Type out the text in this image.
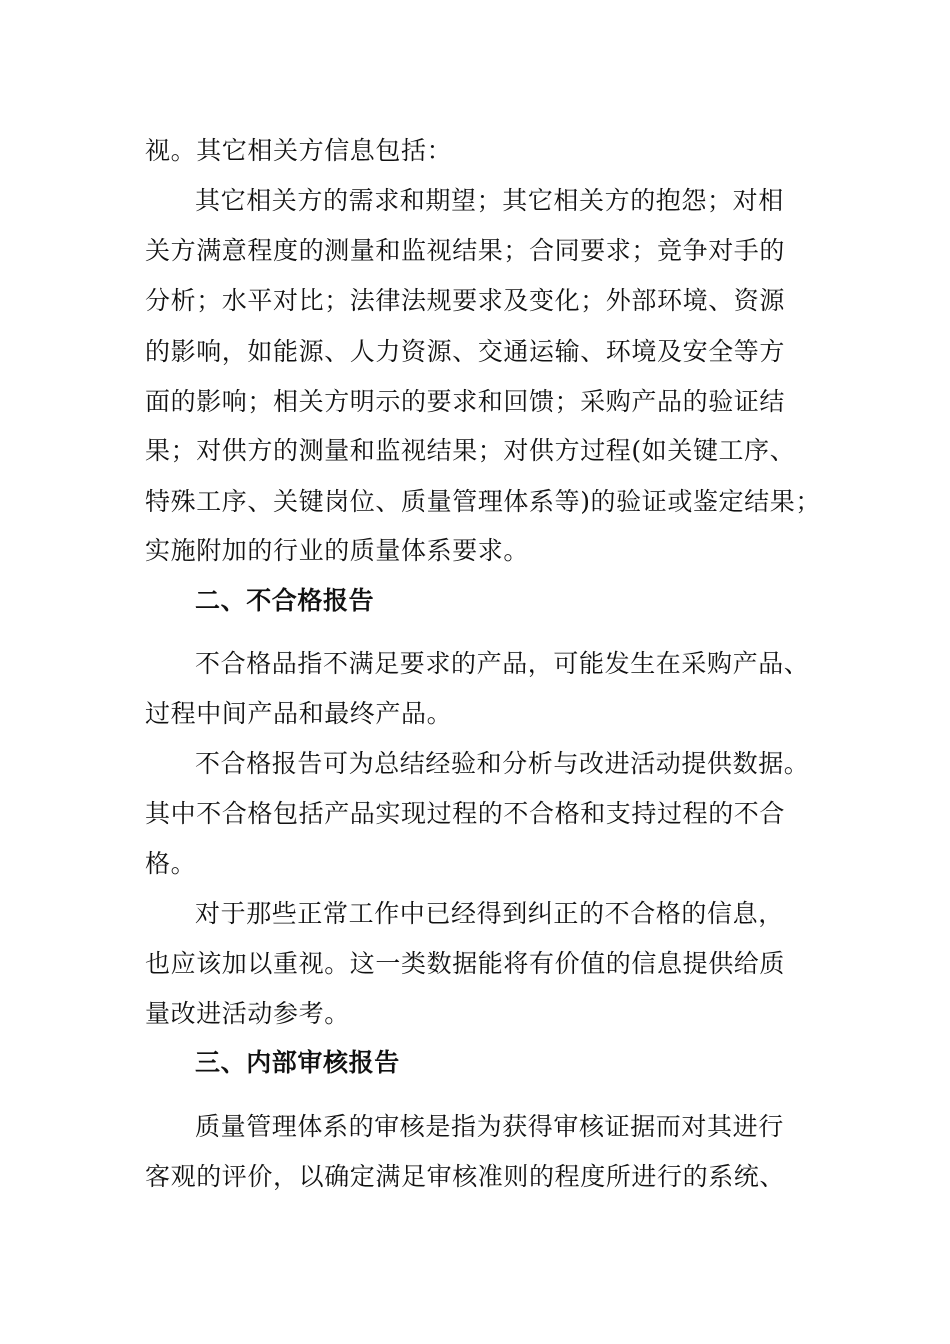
视。其它相关方信息包括：

其它相关方的需求和期望；其它相关方的抱怨；对相

关方满意程度的测量和监视结果；合同要求；竞争对手的

分析；水平对比；法律法规要求及变化；外部环境、资源

的影响，如能源、人力资源、交通运输、环境及安全等方

面的影响；相关方明示的要求和回馈；采购产品的验证结

果；对供方的测量和监视结果；对供方过程(如关键工序、

特殊工序、关键岗位、质量管理体系等)的验证或鉴定结果；

实施附加的行业的质量体系要求。

二、不合格报告

不合格品指不满足要求的产品，可能发生在采购产品、

过程中间产品和最终产品。

不合格报告可为总结经验和分析与改进活动提供数据。

其中不合格包括产品实现过程的不合格和支持过程的不合

格。

对于那些正常工作中已经得到纠正的不合格的信息，

也应该加以重视。这一类数据能将有价值的信息提供给质

量改进活动参考。

三、内部审核报告

质量管理体系的审核是指为获得审核证据而对其进行

客观的评价，以确定满足审核准则的程度所进行的系统、
